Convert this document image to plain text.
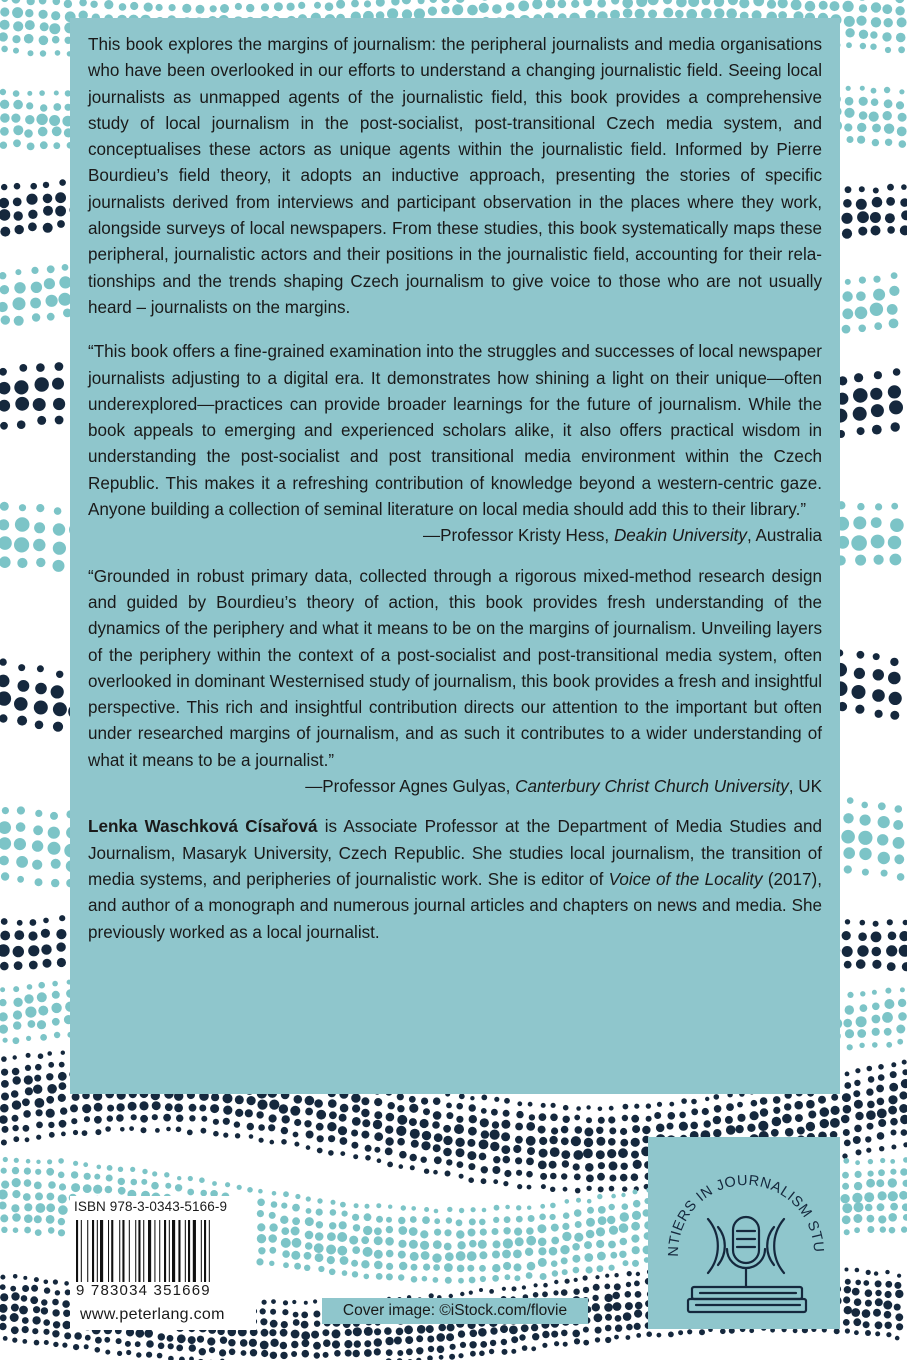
This book explores the margins of journalism: the peripheral journalists and media organisations who have been overlooked in our efforts to understand a changing journalistic field. Seeing local journalists as unmapped agents of the journalistic field, this book provides a comprehensive study of local journalism in the post-socialist, post-transitional Czech media system, and conceptualises these actors as unique agents within the journalistic field. Informed by Pierre Bourdieu’s field theory, it adopts an inductive approach, presenting the stories of specific journalists derived from interviews and participant observation in the places where they work, alongside surveys of local newspapers. From these studies, this book systematically maps these peripheral, journalistic actors and their positions in the journalistic field, accounting for their relationships and the trends shaping Czech journalism to give voice to those who are not usually heard – journalists on the margins.

“This book offers a fine-grained examination into the struggles and successes of local newspaper journalists adjusting to a digital era. It demonstrates how shining a light on their unique—often underexplored—practices can provide broader learnings for the future of journalism. While the book appeals to emerging and experienced scholars alike, it also offers practical wisdom in understanding the post-socialist and post transitional media environment within the Czech Republic. This makes it a refreshing contribution of knowledge beyond a western-centric gaze. Anyone building a collection of seminal literature on local media should add this to their library.”

—Professor Kristy Hess, Deakin University, Australia

“Grounded in robust primary data, collected through a rigorous mixed-method research design and guided by Bourdieu’s theory of action, this book provides fresh understanding of the dynamics of the periphery and what it means to be on the margins of journalism. Unveiling layers of the periphery within the context of a post-socialist and post-transitional media system, often overlooked in dominant Westernised study of journalism, this book provides a fresh and insightful perspective. This rich and insightful contribution directs our attention to the important but often under researched margins of journalism, and as such it contributes to a wider understanding of what it means to be a journalist.”

—Professor Agnes Gulyas, Canterbury Christ Church University, UK

Lenka Waschková Císařová is Associate Professor at the Department of Media Studies and Journalism, Masaryk University, Czech Republic. She studies local journalism, the transition of media systems, and peripheries of journalistic work. She is editor of Voice of the Locality (2017), and author of a monograph and numerous journal articles and chapters on news and media. She previously worked as a local journalist.

ISBN 978-3-0343-5166-9
9 783034 351669
www.peterlang.com	Cover image: ©iStock.com/flovie
NTIERS IN JOURNALISM STU
